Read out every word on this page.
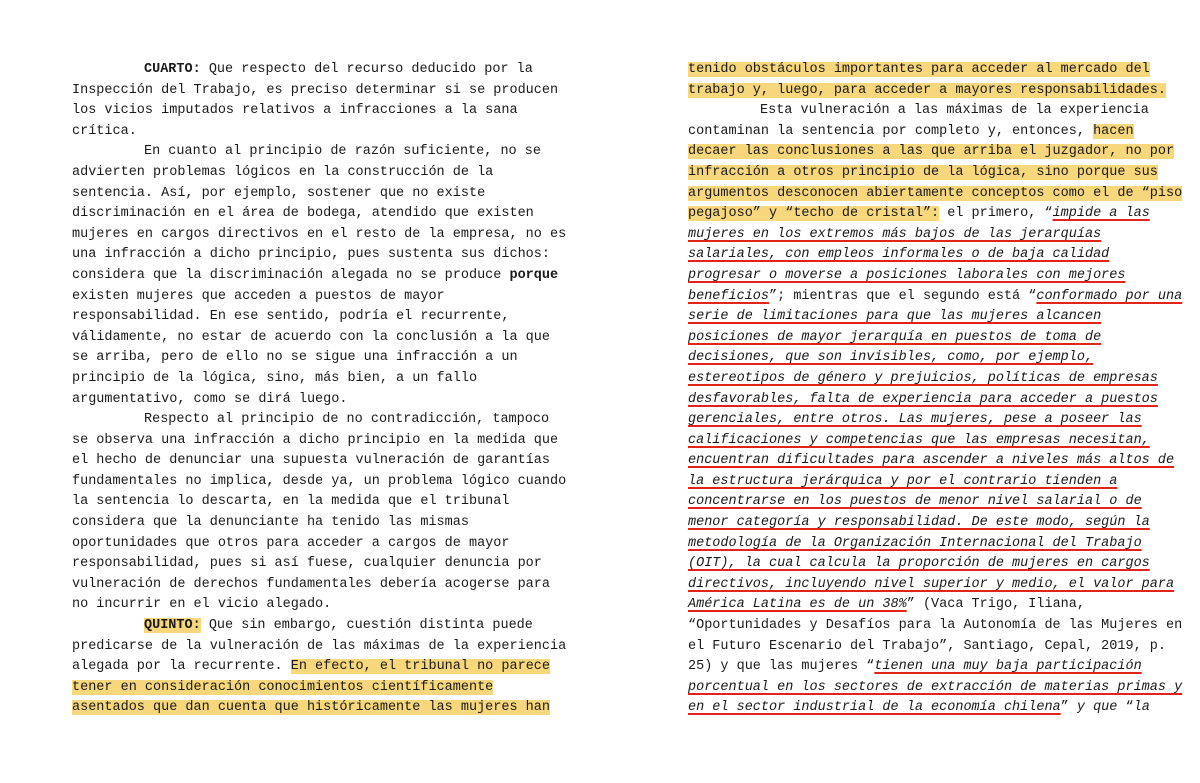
CUARTO: Que respecto del recurso deducido por la
Inspección del Trabajo, es preciso determinar si se producen
los vicios imputados relativos a infracciones a la sana
crítica.
En cuanto al principio de razón suficiente, no se
advierten problemas lógicos en la construcción de la
sentencia. Así, por ejemplo, sostener que no existe
discriminación en el área de bodega, atendido que existen
mujeres en cargos directivos en el resto de la empresa, no es
una infracción a dicho principio, pues sustenta sus dichos:
considera que la discriminación alegada no se produce porque
existen mujeres que acceden a puestos de mayor
responsabilidad. En ese sentido, podría el recurrente,
válidamente, no estar de acuerdo con la conclusión a la que
se arriba, pero de ello no se sigue una infracción a un
principio de la lógica, sino, más bien, a un fallo
argumentativo, como se dirá luego.
Respecto al principio de no contradicción, tampoco
se observa una infracción a dicho principio en la medida que
el hecho de denunciar una supuesta vulneración de garantías
fundamentales no implica, desde ya, un problema lógico cuando
la sentencia lo descarta, en la medida que el tribunal
considera que la denunciante ha tenido las mismas
oportunidades que otros para acceder a cargos de mayor
responsabilidad, pues si así fuese, cualquier denuncia por
vulneración de derechos fundamentales debería acogerse para
no incurrir en el vicio alegado.
QUINTO: Que sin embargo, cuestión distinta puede
predicarse de la vulneración de las máximas de la experiencia
alegada por la recurrente. En efecto, el tribunal no parece
tener en consideración conocimientos científicamente
asentados que dan cuenta que históricamente las mujeres han
tenido obstáculos importantes para acceder al mercado del
trabajo y, luego, para acceder a mayores responsabilidades.
Esta vulneración a las máximas de la experiencia
contaminan la sentencia por completo y, entonces, hacen
decaer las conclusiones a las que arriba el juzgador, no por
infracción a otros principio de la lógica, sino porque sus
argumentos desconocen abiertamente conceptos como el de “piso
pegajoso” y “techo de cristal”: el primero, “impide a las
mujeres en los extremos más bajos de las jerarquías
salariales, con empleos informales o de baja calidad
progresar o moverse a posiciones laborales con mejores
beneficios”; mientras que el segundo está “conformado por una
serie de limitaciones para que las mujeres alcancen
posiciones de mayor jerarquía en puestos de toma de
decisiones, que son invisibles, como, por ejemplo,
estereotipos de género y prejuicios, políticas de empresas
desfavorables, falta de experiencia para acceder a puestos
gerenciales, entre otros. Las mujeres, pese a poseer las
calificaciones y competencias que las empresas necesitan,
encuentran dificultades para ascender a niveles más altos de
la estructura jerárquica y por el contrario tienden a
concentrarse en los puestos de menor nivel salarial o de
menor categoría y responsabilidad. De este modo, según la
metodología de la Organización Internacional del Trabajo
(OIT), la cual calcula la proporción de mujeres en cargos
directivos, incluyendo nivel superior y medio, el valor para
América Latina es de un 38%” (Vaca Trigo, Iliana,
“Oportunidades y Desafíos para la Autonomía de las Mujeres en
el Futuro Escenario del Trabajo”, Santiago, Cepal, 2019, p.
25) y que las mujeres “tienen una muy baja participación
porcentual en los sectores de extracción de materias primas y
en el sector industrial de la economía chilena” y que “la
